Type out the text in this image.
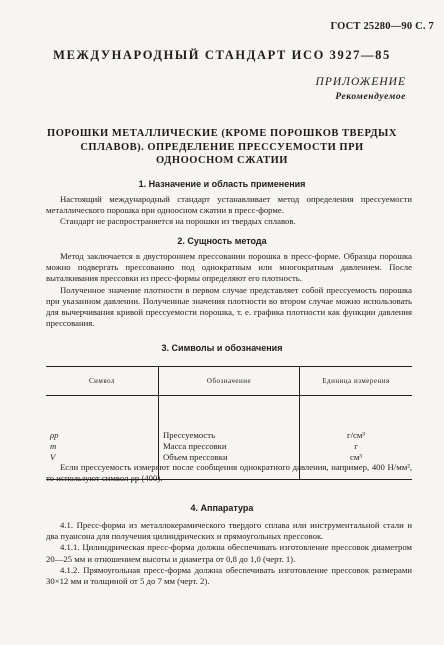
ГОСТ 25280—90 С. 7
МЕЖДУНАРОДНЫЙ СТАНДАРТ ИСО 3927—85
ПРИЛОЖЕНИЕ
Рекомендуемое
ПОРОШКИ МЕТАЛЛИЧЕСКИЕ (КРОМЕ ПОРОШКОВ ТВЕРДЫХ
СПЛАВОВ). ОПРЕДЕЛЕНИЕ ПРЕССУЕМОСТИ ПРИ
ОДНООСНОМ СЖАТИИ
1. Назначение и область применения

Настоящий международный стандарт устанавливает метод определения прессуемости металлического порошка при одноосном сжатии в пресс-форме.

Стандарт не распространяется на порошки из твердых сплавов.

2. Сущность метода

Метод заключается в двустороннем прессовании порошка в пресс-форме. Образцы порошка можно подвергать прессованию под однократным или многократным давлением. После выталкивания прессовки из пресс-формы определяют его плотность.

Полученное значение плотности в первом случае представляет собой прессуемость порошка при указанном давлении. Полученные значения плотности во втором случае можно использовать для вычерчивания кривой прессуемости порошка, т. е. графика плотности как функции давления прессования.

3. Символы и обозначения
Символ	Обозначение	Единица измерения
ρp	Прессуемость	г/см³
m	Масса прессовки	г
V	Объем прессовки	см³

Если прессуемость измеряют после сообщения однократного давления, например, 400 Н/мм², то используют символ ρp (400).

4. Аппаратура

4.1. Пресс-форма из металлокерамического твердого сплава или инструментальной стали и два пуансона для получения цилиндрических и прямоугольных прессовок.

4.1.1. Цилиндрическая пресс-форма должна обеспечивать изготовление прессовок диаметром 20—25 мм и отношением высоты и диаметра от 0,8 до 1,0 (черт. 1).

4.1.2. Прямоугольная пресс-форма должна обеспечивать изготовление прессовок размерами 30×12 мм и толщиной от 5 до 7 мм (черт. 2).
